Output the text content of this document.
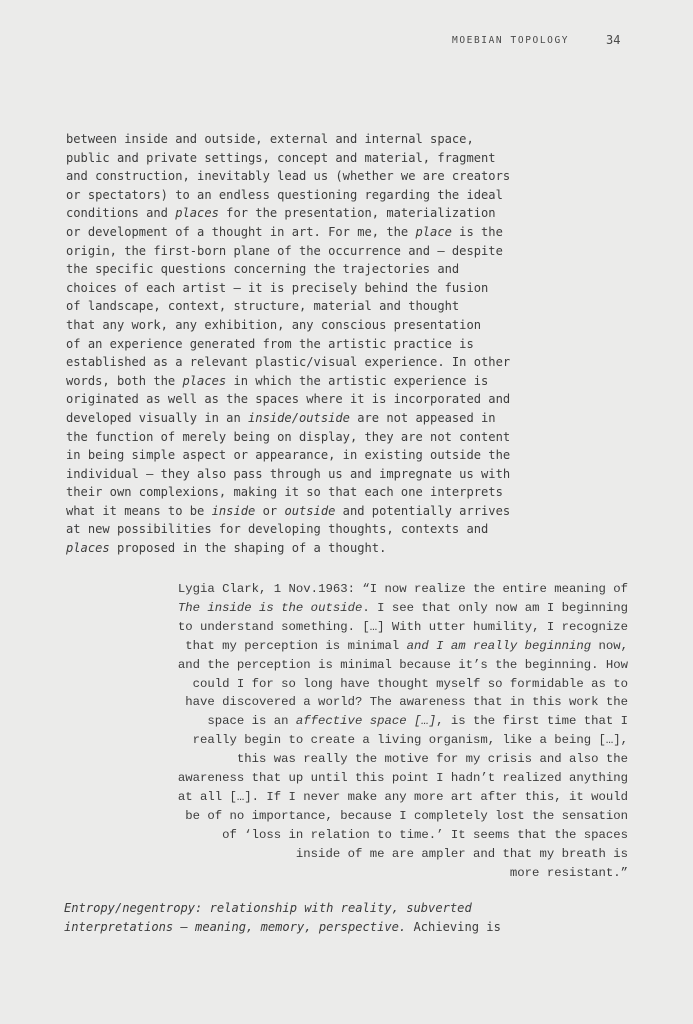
MOEBIAN TOPOLOGY	34
between inside and outside, external and internal space,
public and private settings, concept and material, fragment
and construction, inevitably lead us (whether we are creators
or spectators) to an endless questioning regarding the ideal
conditions and places for the presentation, materialization
or development of a thought in art. For me, the place is the
origin, the first-born plane of the occurrence and – despite
the specific questions concerning the trajectories and
choices of each artist – it is precisely behind the fusion
of landscape, context, structure, material and thought
that any work, any exhibition, any conscious presentation
of an experience generated from the artistic practice is
established as a relevant plastic/visual experience. In other
words, both the places in which the artistic experience is
originated as well as the spaces where it is incorporated and
developed visually in an inside/outside are not appeased in
the function of merely being on display, they are not content
in being simple aspect or appearance, in existing outside the
individual – they also pass through us and impregnate us with
their own complexions, making it so that each one interprets
what it means to be inside or outside and potentially arrives
at new possibilities for developing thoughts, contexts and
places proposed in the shaping of a thought.
Lygia Clark, 1 Nov.1963: “I now realize the entire meaning of
The inside is the outside. I see that only now am I beginning
to understand something. […] With utter humility, I recognize
that my perception is minimal and I am really beginning now,
and the perception is minimal because it’s the beginning. How
could I for so long have thought myself so formidable as to
have discovered a world? The awareness that in this work the
space is an affective space […], is the first time that I
really begin to create a living organism, like a being […],
this was really the motive for my crisis and also the
awareness that up until this point I hadn’t realized anything
at all […]. If I never make any more art after this, it would
be of no importance, because I completely lost the sensation
of ‘loss in relation to time.’ It seems that the spaces
inside of me are ampler and that my breath is
more resistant.”
Entropy/negentropy: relationship with reality, subverted
interpretations – meaning, memory, perspective. Achieving is
